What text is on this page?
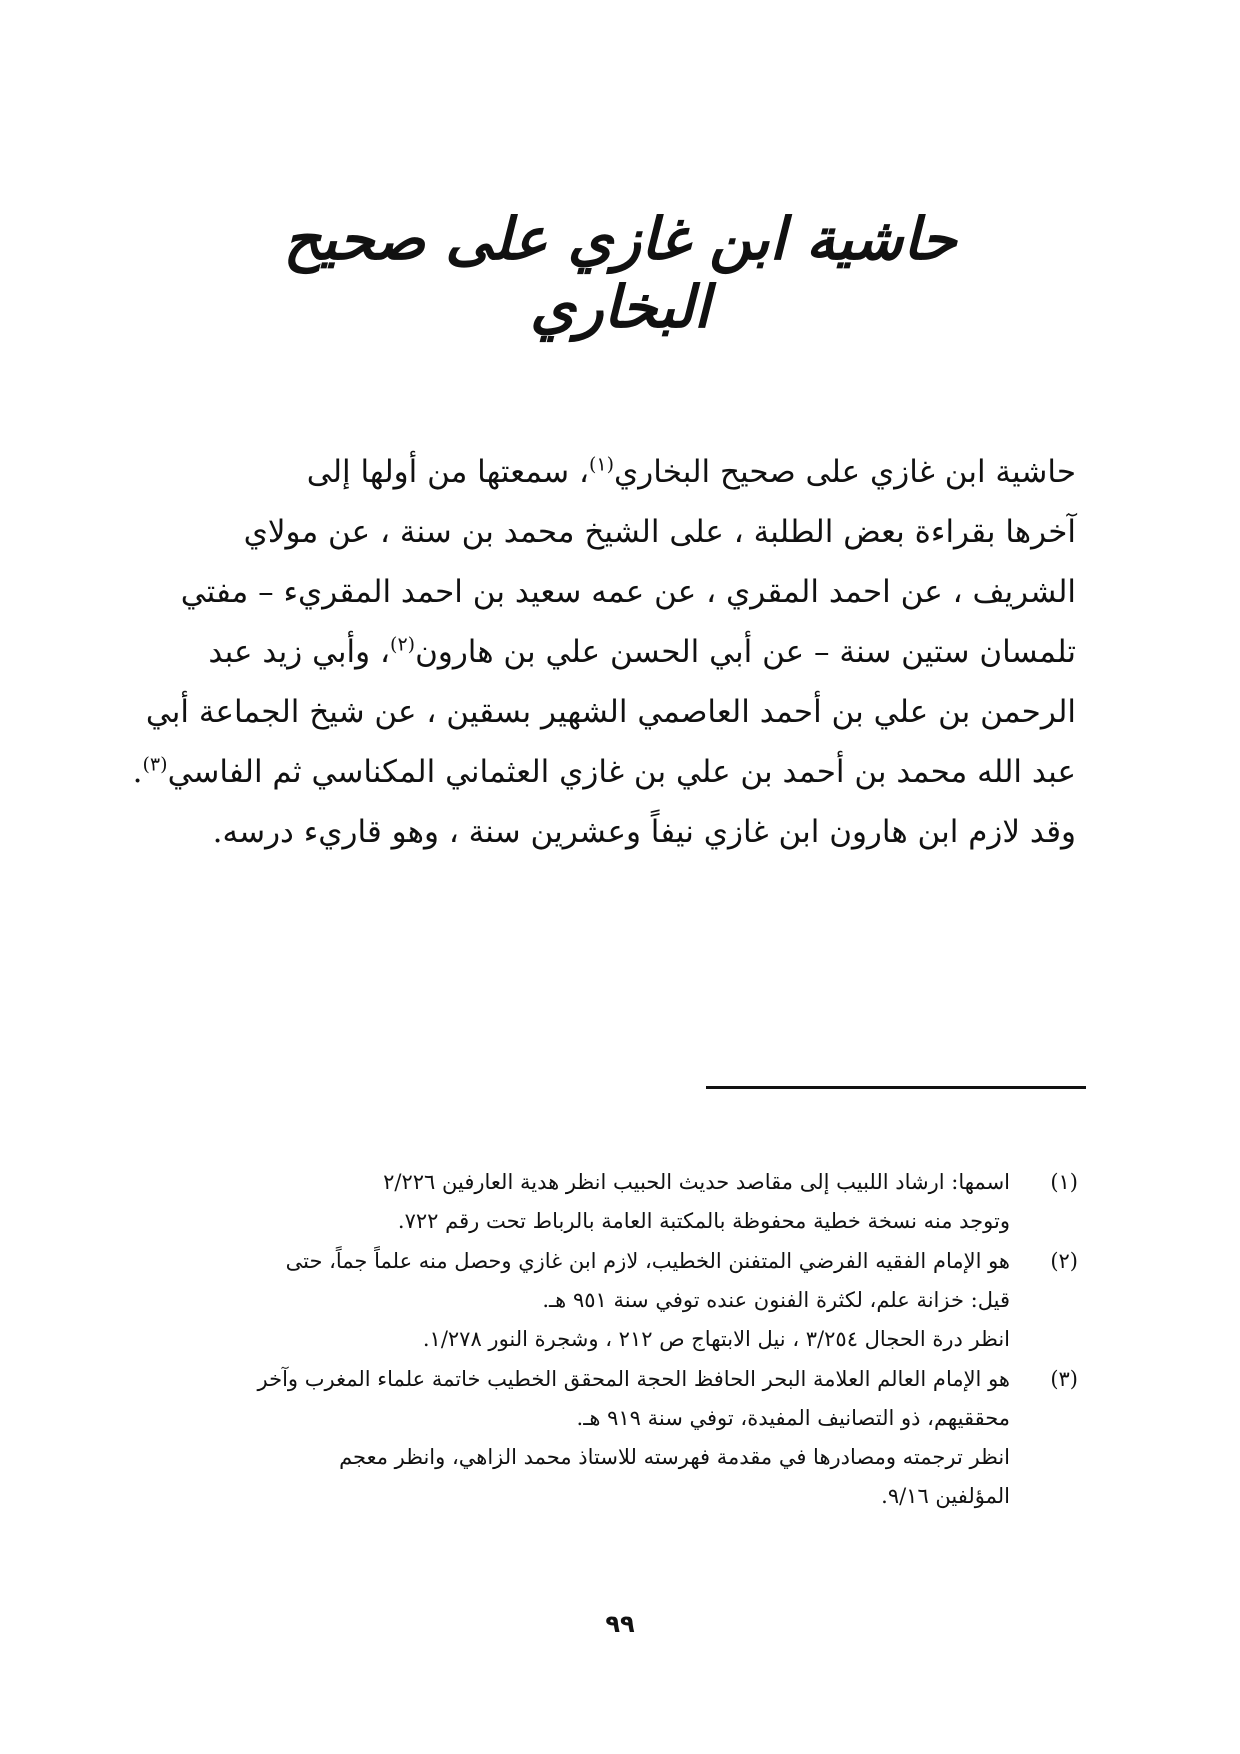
حاشية ابن غازي على صحيح البخاري
حاشية ابن غازي على صحيح البخاري$^{(١)}$، سمعتها من أولها إلى
آخرها بقراءة بعض الطلبة ، على الشيخ محمد بن سنة ، عن مولاي
الشريف ، عن احمد المقري ، عن عمه سعيد بن احمد المقريء – مفتي
تلمسان ستين سنة – عن أبي الحسن علي بن هارون$^{(٢)}$، وأبي زيد عبد
الرحمن بن علي بن أحمد العاصمي الشهير بسقين ، عن شيخ الجماعة أبي
عبد الله محمد بن أحمد بن علي بن غازي العثماني المكناسي ثم الفاسي$^{(٣)}$.
وقد لازم ابن هارون ابن غازي نيفاً وعشرين سنة ، وهو قاريء درسه.
(١)
اسمها: ارشاد اللبيب إلى مقاصد حديث الحبيب انظر هدية العارفين ٢/٢٢٦
وتوجد منه نسخة خطية محفوظة بالمكتبة العامة بالرباط تحت رقم ٧٢٢.
(٢)
هو الإمام الفقيه الفرضي المتفنن الخطيب، لازم ابن غازي وحصل منه علماً جماً، حتى
قيل: خزانة علم، لكثرة الفنون عنده توفي سنة ٩٥١ هـ.
انظر درة الحجال ٣/٢٥٤ ، نيل الابتهاج ص ٢١٢ ، وشجرة النور ١/٢٧٨.
(٣)
هو الإمام العالم العلامة البحر الحافظ الحجة المحقق الخطيب خاتمة علماء المغرب وآخر
محققيهم، ذو التصانيف المفيدة، توفي سنة ٩١٩ هـ.
انظر ترجمته ومصادرها في مقدمة فهرسته للاستاذ محمد الزاهي، وانظر معجم
المؤلفين ٩/١٦.
٩٩
